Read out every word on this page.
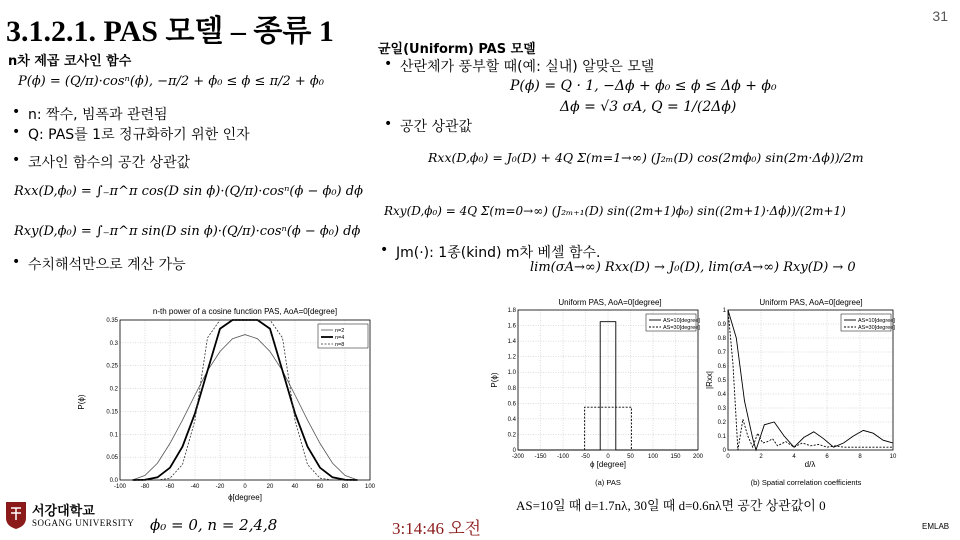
3.1.2.1. PAS 모델 – 종류 1	31
n차 제곱 코사인 함수
P(ϕ) = (Q/π)·cosⁿ(ϕ), −π/2 + ϕ₀ ≤ ϕ ≤ π/2 + ϕ₀
• n: 짝수, 빔폭과 관련됨
• Q: PAS를 1로 정규화하기 위한 인자
• 코사인 함수의 공간 상관값
Rxx(D,ϕ₀) = ∫₋π^π cos(D sin ϕ)·(Q/π)·cosⁿ(ϕ − ϕ₀) dϕ
Rxy(D,ϕ₀) = ∫₋π^π sin(D sin ϕ)·(Q/π)·cosⁿ(ϕ − ϕ₀) dϕ
• 수치해석만으로 계산 가능
균일(Uniform) PAS 모델
• 산란체가 풍부할 때(예: 실내) 알맞은 모델
P(ϕ) = Q · 1, −Δϕ + ϕ₀ ≤ ϕ ≤ Δϕ + ϕ₀
Δϕ = √3 σA, Q = 1/(2Δϕ)
• 공간 상관값
Rxx(D,ϕ₀) = J₀(D) + 4Q Σ(m=1→∞) (J₂ₘ(D) cos(2mϕ₀) sin(2m·Δϕ))/2m
Rxy(D,ϕ₀) = 4Q Σ(m=0→∞) (J₂ₘ₊₁(D) sin((2m+1)ϕ₀) sin((2m+1)·Δϕ))/(2m+1)
• Jm(·): 1종(kind) m차 베셀 함수.
lim(σA→∞) Rxx(D) → J₀(D), lim(σA→∞) Rxy(D) → 0
n-th power of a cosine function PAS, AoA=0[degree]
-100 -80	-60	-40	-20	0	20	40	60	80	100
0.0
0.05
0.1
0.15
0.2
0.25
0.3
0.35
ϕ[degree]
P(ϕ)
n=2
n=4
n=8
Uniform PAS, AoA=0[degree]
-200 -150 -100 -50	0	50 100 150 200
0
0.2
0.4
0.6
0.8
1.0
1.2
1.4
1.6
1.8
ϕ [degree]
P(ϕ)
(a) PAS
AS=10[degree]
AS=30[degree]
Uniform PAS, AoA=0[degree]
0	2	4	6	8	10
0
0.1
0.2
0.3
0.4
0.5
0.6
0.7
0.8
0.9
1
d/λ
|Rxx|
(b) Spatial correlation coefficients
AS=10[degree]
AS=30[degree]
AS=10일 때 d=1.7nλ, 30일 때 d=0.6nλ면 공간 상관값이 0
서강대학교
SOGANG UNIVERSITY ϕ₀ = 0, n = 2,4,8	3:14:46 오전	EMLAB
